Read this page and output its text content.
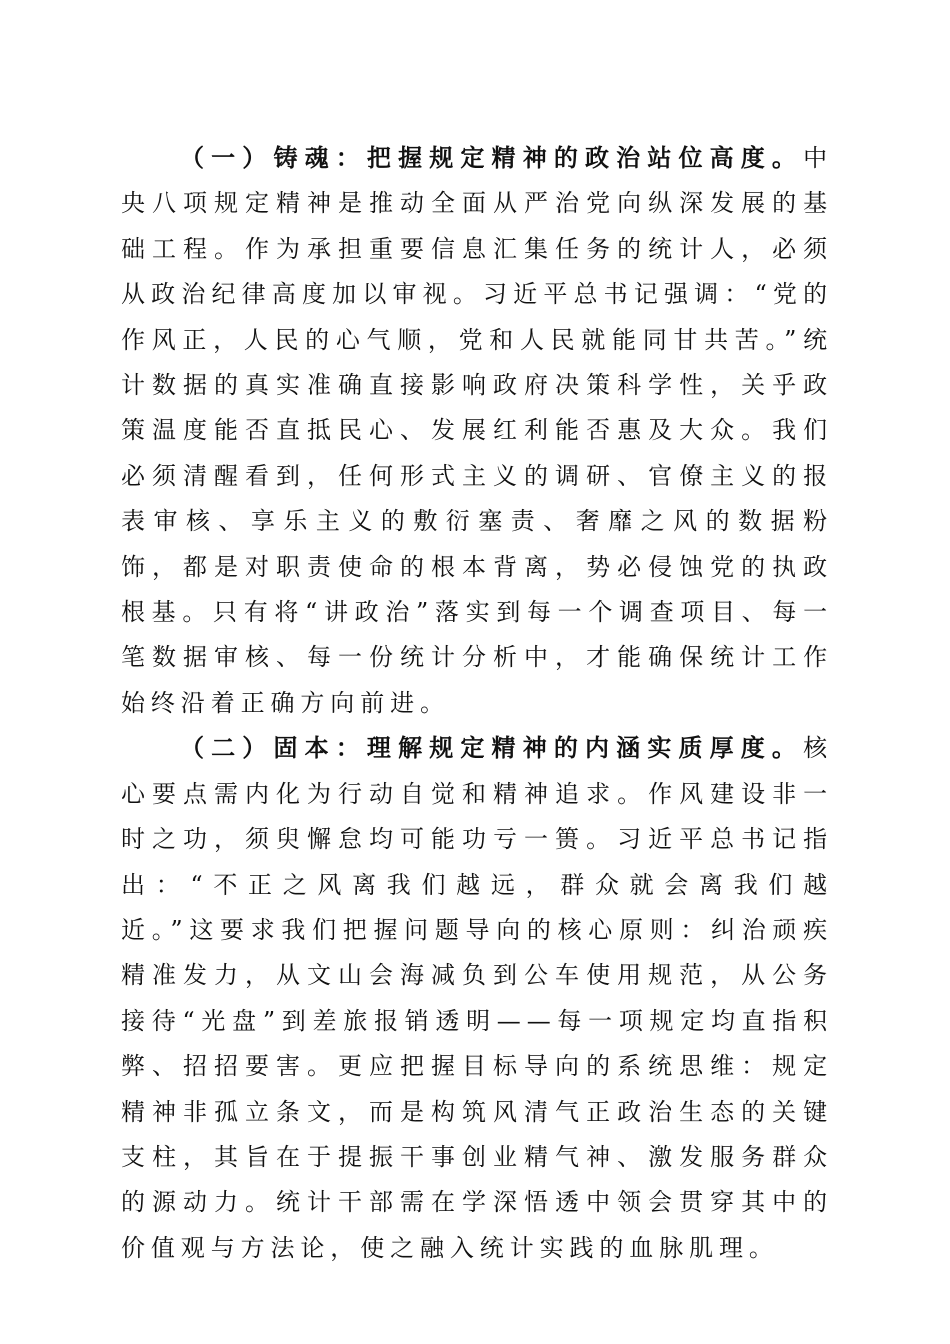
（一）铸魂：把握规定精神的政治站位高度。中央八项规定精神是推动全面从严治党向纵深发展的基础工程。作为承担重要信息汇集任务的统计人，必须从政治纪律高度加以审视。习近平总书记强调：“党的作风正，人民的心气顺，党和人民就能同甘共苦。”统计数据的真实准确直接影响政府决策科学性，关乎政策温度能否直抵民心、发展红利能否惠及大众。我们必须清醒看到，任何形式主义的调研、官僚主义的报表审核、享乐主义的敷衍塞责、奢靡之风的数据粉饰，都是对职责使命的根本背离，势必侵蚀党的执政根基。只有将“讲政治”落实到每一个调查项目、每一笔数据审核、每一份统计分析中，才能确保统计工作始终沿着正确方向前进。

（二）固本：理解规定精神的内涵实质厚度。核心要点需内化为行动自觉和精神追求。作风建设非一时之功，须臾懈怠均可能功亏一篑。习近平总书记指出：“不正之风离我们越远，群众就会离我们越近。”这要求我们把握问题导向的核心原则：纠治顽疾精准发力，从文山会海减负到公车使用规范，从公务接待“光盘”到差旅报销透明——每一项规定均直指积弊、招招要害。更应把握目标导向的系统思维：规定精神非孤立条文，而是构筑风清气正政治生态的关键支柱，其旨在于提振干事创业精气神、激发服务群众的源动力。统计干部需在学深悟透中领会贯穿其中的价值观与方法论，使之融入统计实践的血脉肌理。
